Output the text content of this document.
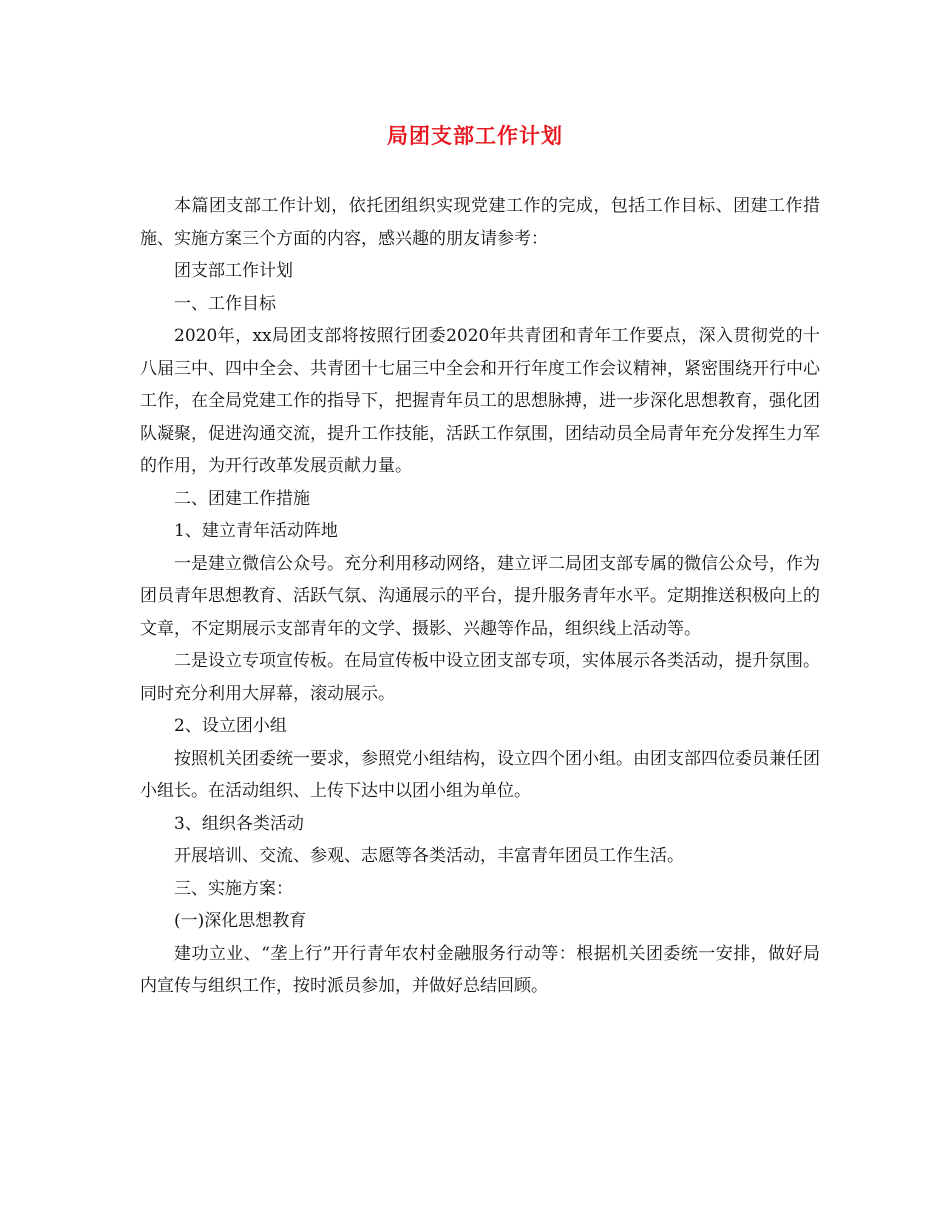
局团支部工作计划

本篇团支部工作计划，依托团组织实现党建工作的完成，包括工作目标、团建工作措施、实施方案三个方面的内容，感兴趣的朋友请参考：

团支部工作计划

一、工作目标

2020年，xx局团支部将按照行团委2020年共青团和青年工作要点，深入贯彻党的十八届三中、四中全会、共青团十七届三中全会和开行年度工作会议精神，紧密围绕开行中心工作，在全局党建工作的指导下，把握青年员工的思想脉搏，进一步深化思想教育，强化团队凝聚，促进沟通交流，提升工作技能，活跃工作氛围，团结动员全局青年充分发挥生力军的作用，为开行改革发展贡献力量。

二、团建工作措施

1、建立青年活动阵地

一是建立微信公众号。充分利用移动网络，建立评二局团支部专属的微信公众号，作为团员青年思想教育、活跃气氛、沟通展示的平台，提升服务青年水平。定期推送积极向上的文章，不定期展示支部青年的文学、摄影、兴趣等作品，组织线上活动等。

二是设立专项宣传板。在局宣传板中设立团支部专项，实体展示各类活动，提升氛围。同时充分利用大屏幕，滚动展示。

2、设立团小组

按照机关团委统一要求，参照党小组结构，设立四个团小组。由团支部四位委员兼任团小组长。在活动组织、上传下达中以团小组为单位。

3、组织各类活动

开展培训、交流、参观、志愿等各类活动，丰富青年团员工作生活。

三、实施方案：

(一)深化思想教育

建功立业、“垄上行”开行青年农村金融服务行动等：根据机关团委统一安排，做好局内宣传与组织工作，按时派员参加，并做好总结回顾。
